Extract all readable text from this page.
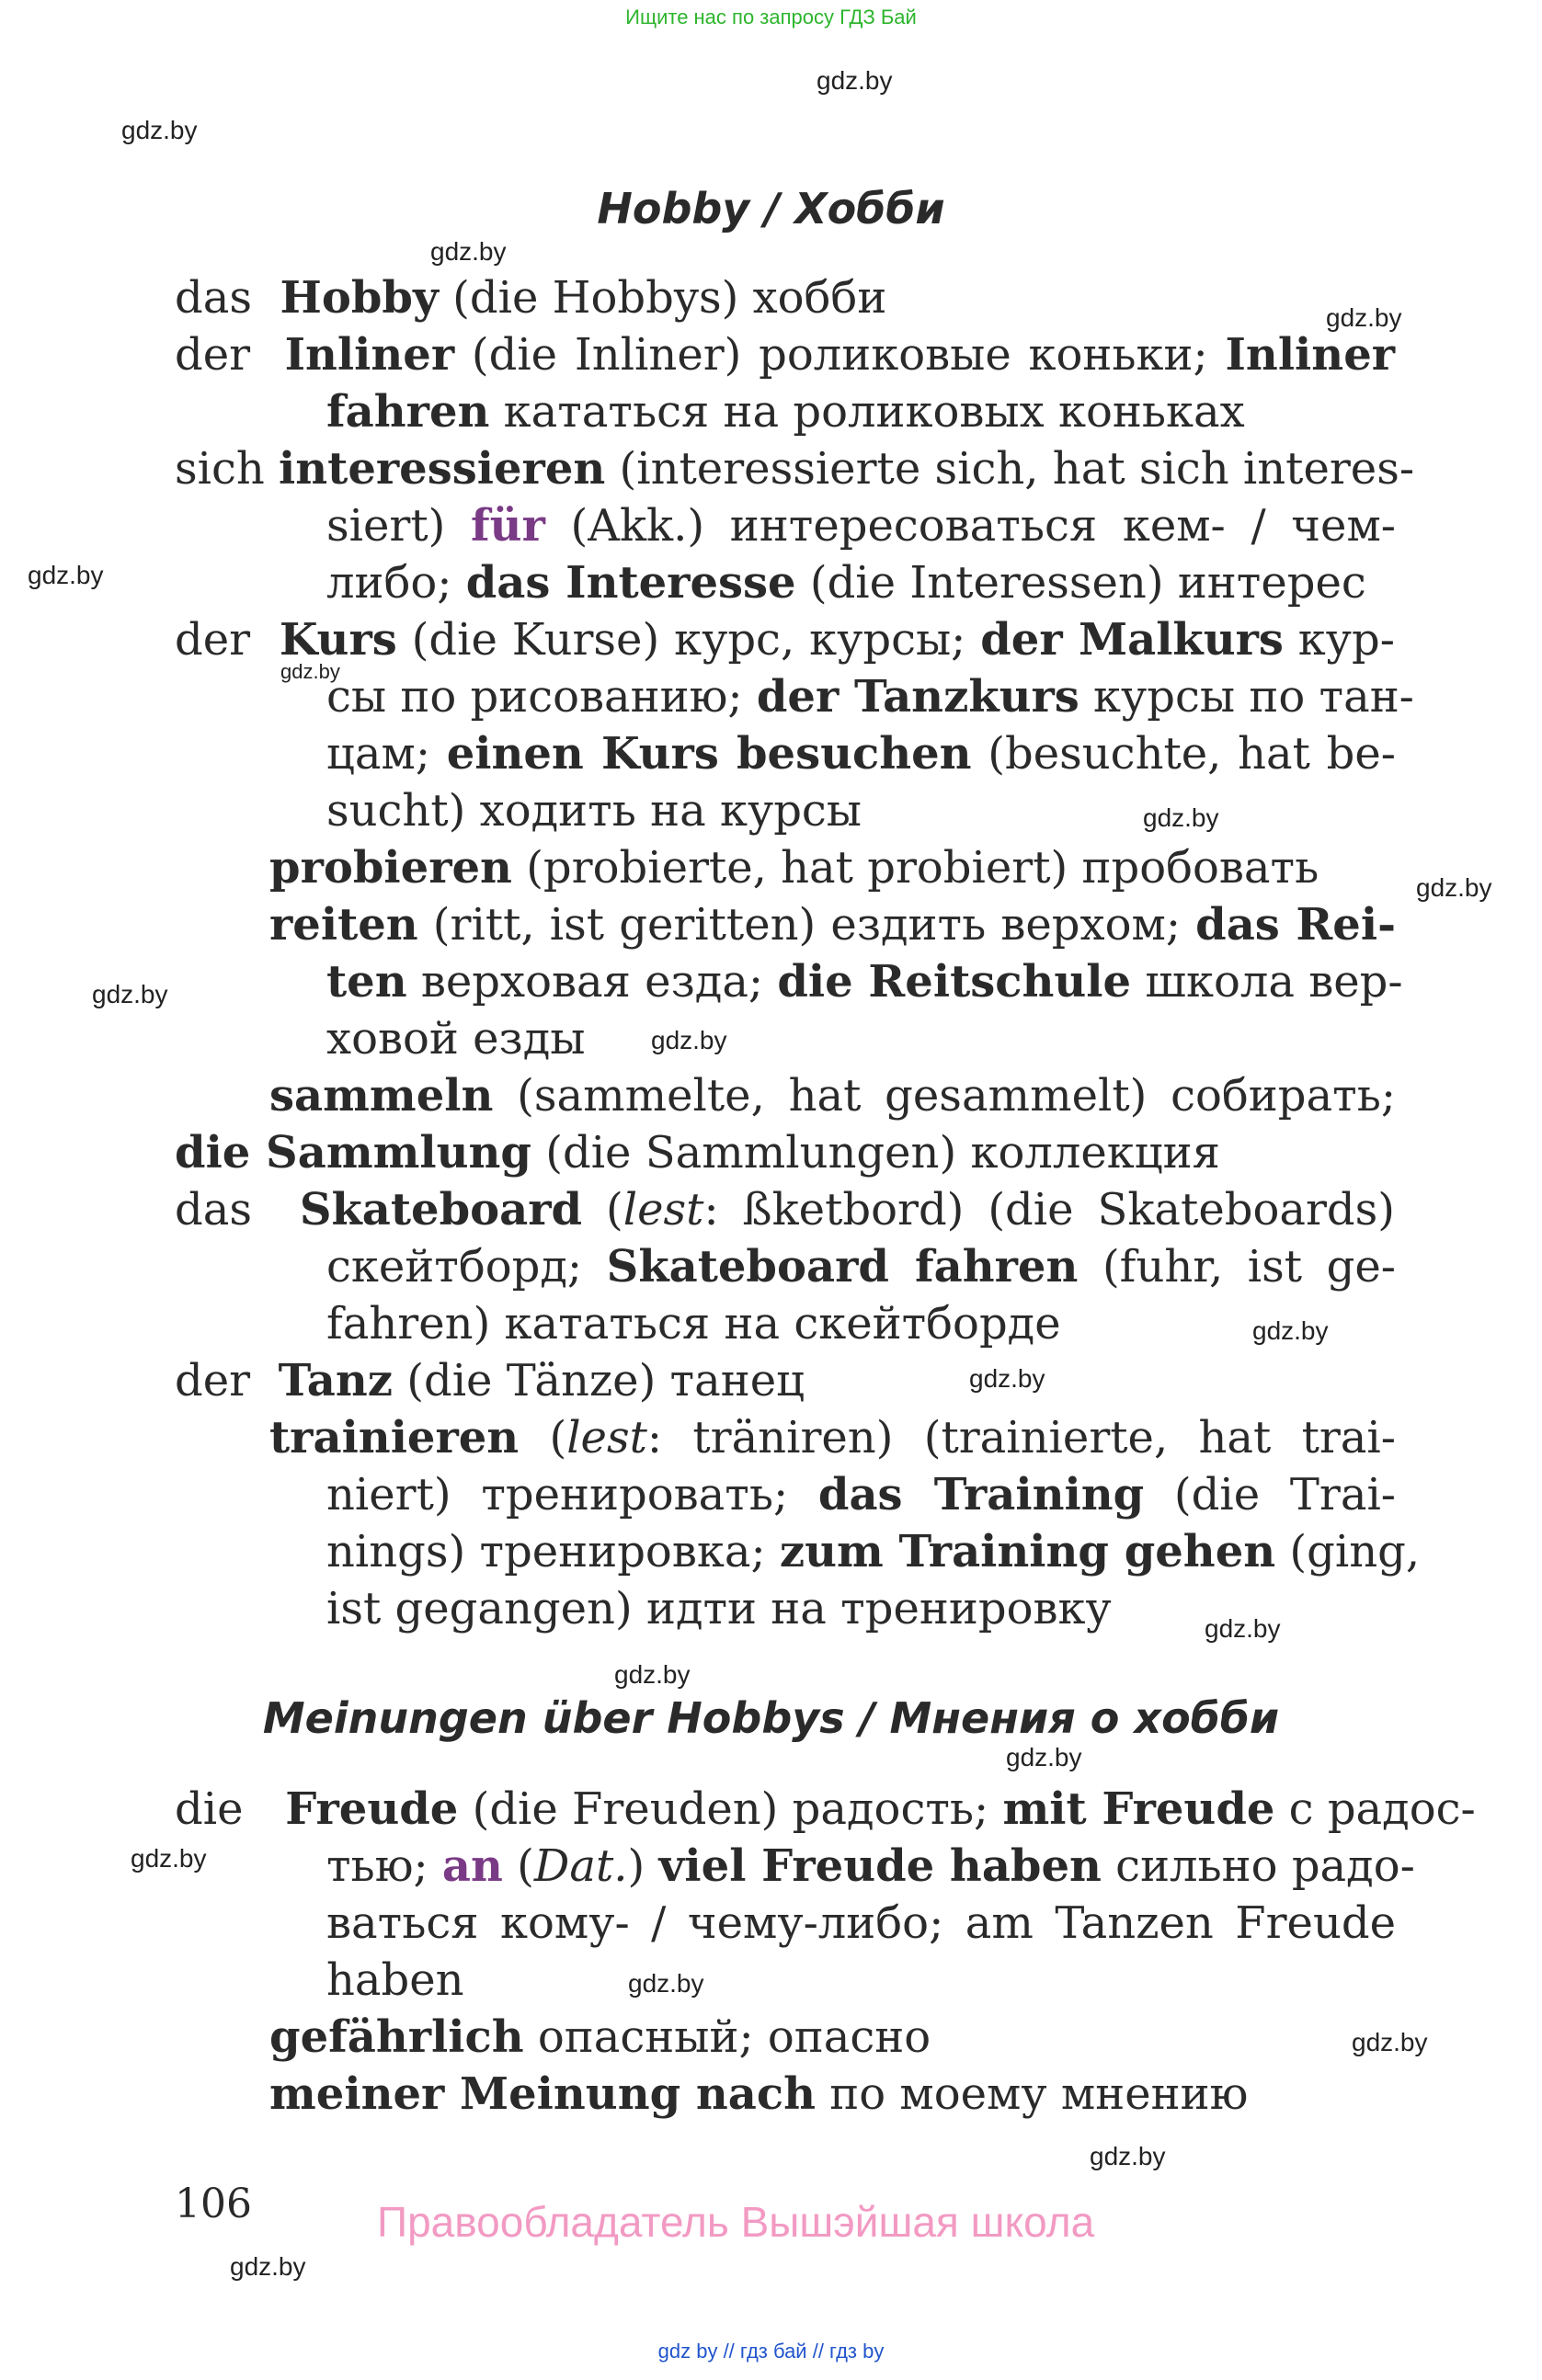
Ищите нас по запросу ГДЗ Бай
gdz.by
gdz.by
gdz.by
gdz.by
gdz.by
gdz.by
gdz.by
gdz.by
gdz.by
gdz.by
gdz.by
gdz.by
gdz.by
gdz.by
gdz.by
gdz.by
gdz.by
gdz.by
gdz.by
gdz.by
Hobby / Хобби
das Hobby (die Hobbys) хобби
der Inliner (die Inliner) роликовые коньки; Inliner
fahren кататься на роликовых коньках
sich interessieren (interessierte sich, hat sich interes-
siert) für (Akk.) интересоваться кем- / чем-
либо; das Interesse (die Interessen) интерес
der Kurs (die Kurse) курс, курсы; der Malkurs кур-
сы по рисованию; der Tanzkurs курсы по тан-
цам; einen Kurs besuchen (besuchte, hat be-
sucht) ходить на курсы
probieren (probierte, hat probiert) пробовать
reiten (ritt, ist geritten) ездить верхом; das Rei-
ten верховая езда; die Reitschule школа вер-
ховой езды
sammeln (sammelte, hat gesammelt) собирать;
die Sammlung (die Sammlungen) коллекция
das Skateboard (lest: ßketbord) (die Skateboards)
скейтборд; Skateboard fahren (fuhr, ist ge-
fahren) кататься на скейтборде
der Tanz (die Tänze) танец
trainieren (lest: träniren) (trainierte, hat trai-
niert) тренировать; das Training (die Trai-
nings) тренировка; zum Training gehen (ging,
ist gegangen) идти на тренировку
Meinungen über Hobbys / Мнения о хобби
die Freude (die Freuden) радость; mit Freude с радос-
тью; an (Dat.) viel Freude haben сильно радо-
ваться кому- / чему-либо; am Tanzen Freude
haben
gefährlich опасный; опасно
meiner Meinung nach по моему мнению
106	Правообладатель Вышэйшая школа
gdz by // гдз бай // гдз by
